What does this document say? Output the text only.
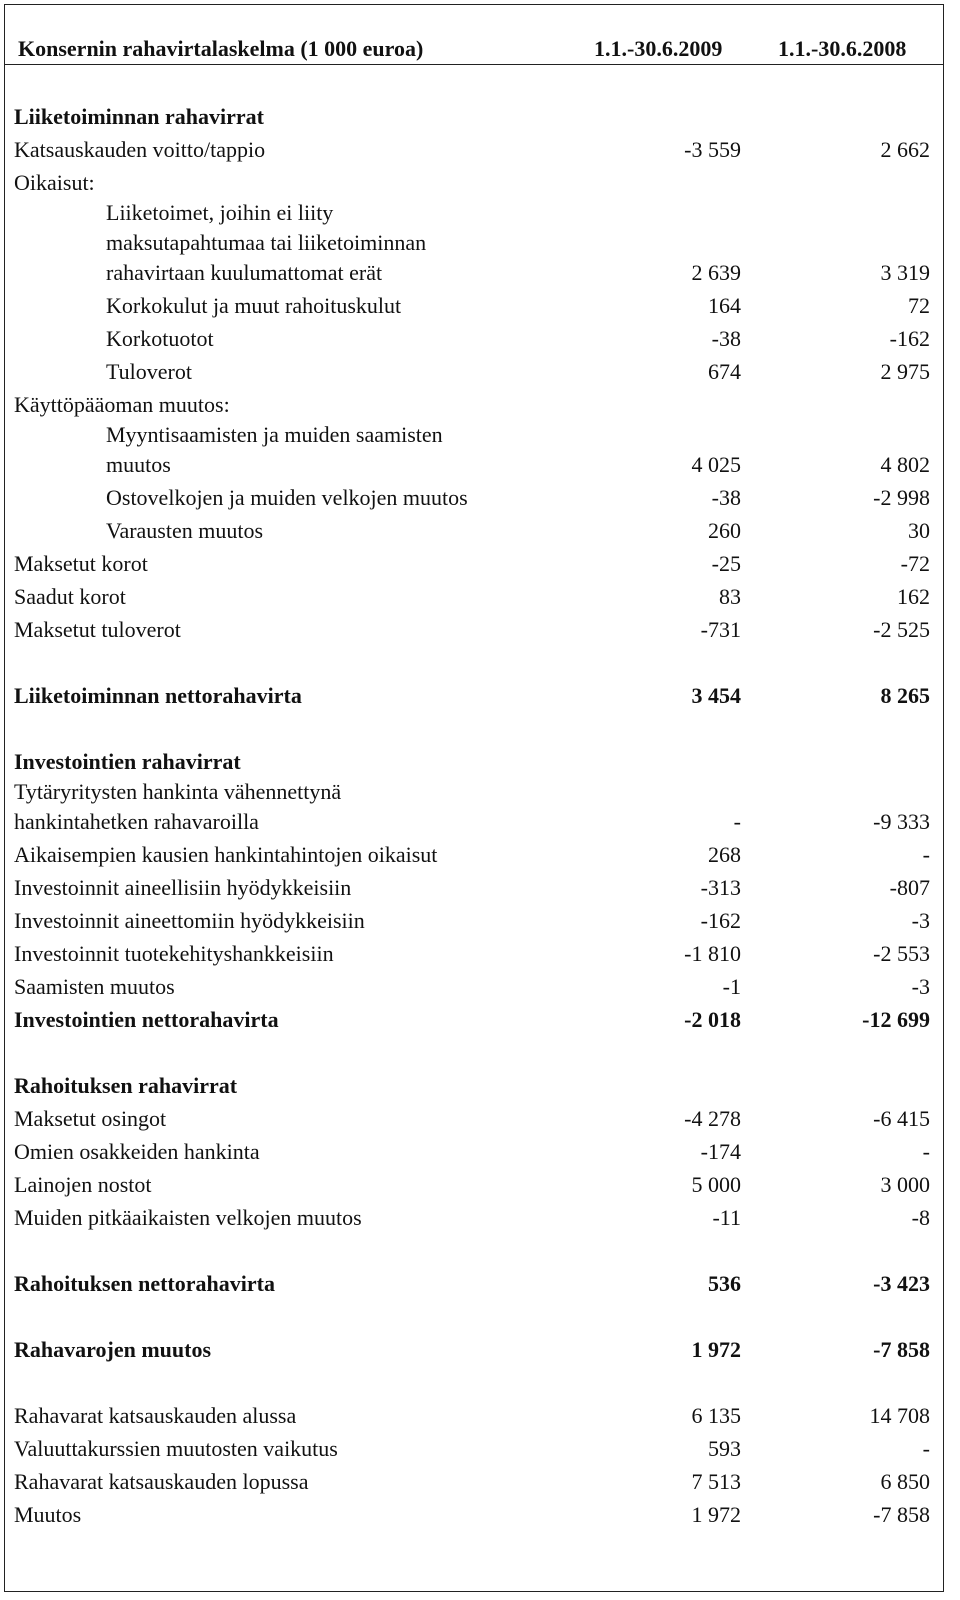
Konsernin rahavirtalaskelma (1 000 euroa)	1.1.-30.6.2009	1.1.-30.6.2008
Liiketoiminnan rahavirrat
Katsauskauden voitto/tappio	-3 559	2 662
Oikaisut:
Liiketoimet, joihin ei liity
maksutapahtumaa tai liiketoiminnan
rahavirtaan kuulumattomat erät	2 639	3 319
Korkokulut ja muut rahoituskulut	164	72
Korkotuotot	-38	-162
Tuloverot	674	2 975
Käyttöpääoman muutos:
Myyntisaamisten ja muiden saamisten
muutos	4 025	4 802
Ostovelkojen ja muiden velkojen muutos	-38	-2 998
Varausten muutos	260	30
Maksetut korot	-25	-72
Saadut korot	83	162
Maksetut tuloverot	-731	-2 525
Liiketoiminnan nettorahavirta	3 454	8 265
Investointien rahavirrat
Tytäryritysten hankinta vähennettynä
hankintahetken rahavaroilla	-	-9 333
Aikaisempien kausien hankintahintojen oikaisut	268	-
Investoinnit aineellisiin hyödykkeisiin	-313	-807
Investoinnit aineettomiin hyödykkeisiin	-162	-3
Investoinnit tuotekehityshankkeisiin	-1 810	-2 553
Saamisten muutos	-1	-3
Investointien nettorahavirta	-2 018	-12 699
Rahoituksen rahavirrat
Maksetut osingot	-4 278	-6 415
Omien osakkeiden hankinta	-174	-
Lainojen nostot	5 000	3 000
Muiden pitkäaikaisten velkojen muutos	-11	-8
Rahoituksen nettorahavirta	536	-3 423
Rahavarojen muutos	1 972	-7 858
Rahavarat katsauskauden alussa	6 135	14 708
Valuuttakurssien muutosten vaikutus	593	-
Rahavarat katsauskauden lopussa	7 513	6 850
Muutos	1 972	-7 858
